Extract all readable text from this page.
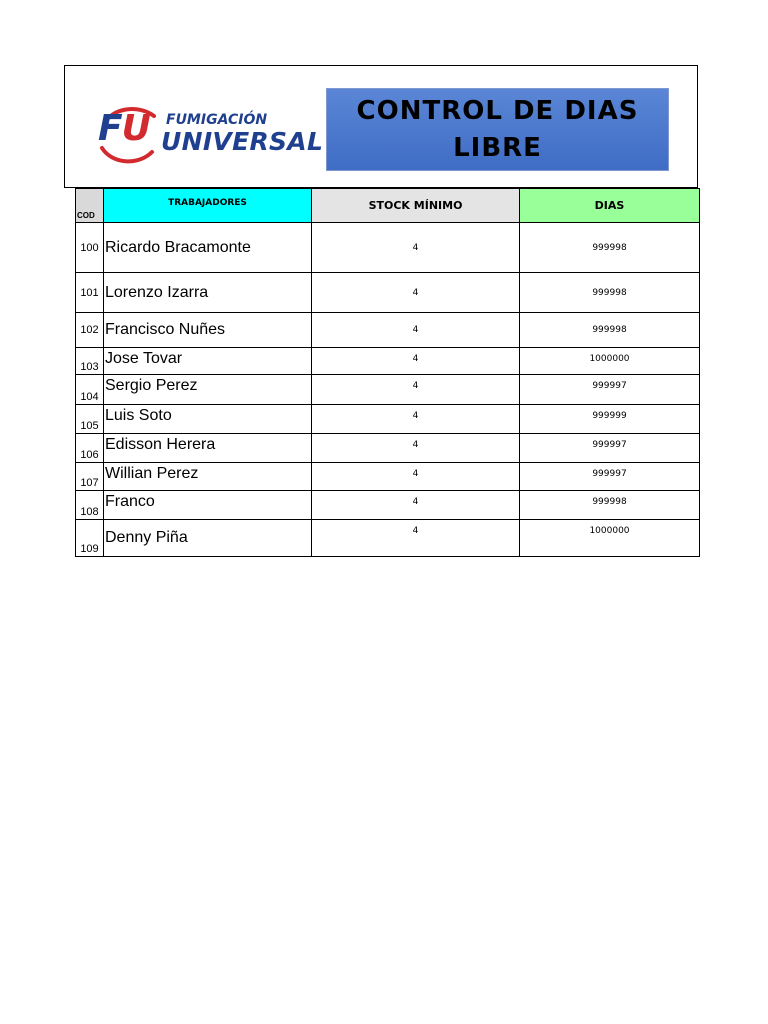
FU FUMIGACIÓN
UNIVERSAL
CONTROL DE DIAS LIBRE
COD	TRABAJADORES	STOCK MÍNIMO	DIAS
100	Ricardo Bracamonte	4	999998
101	Lorenzo Izarra	4	999998
102	Francisco Nuñes	4	999998
103	Jose Tovar	4	1000000
104	Sergio Perez	4	999997
105	Luis Soto	4	999999
106	Edisson Herera	4	999997
107	Willian Perez	4	999997
108	Franco	4	999998
109	Denny Piña	4	1000000
